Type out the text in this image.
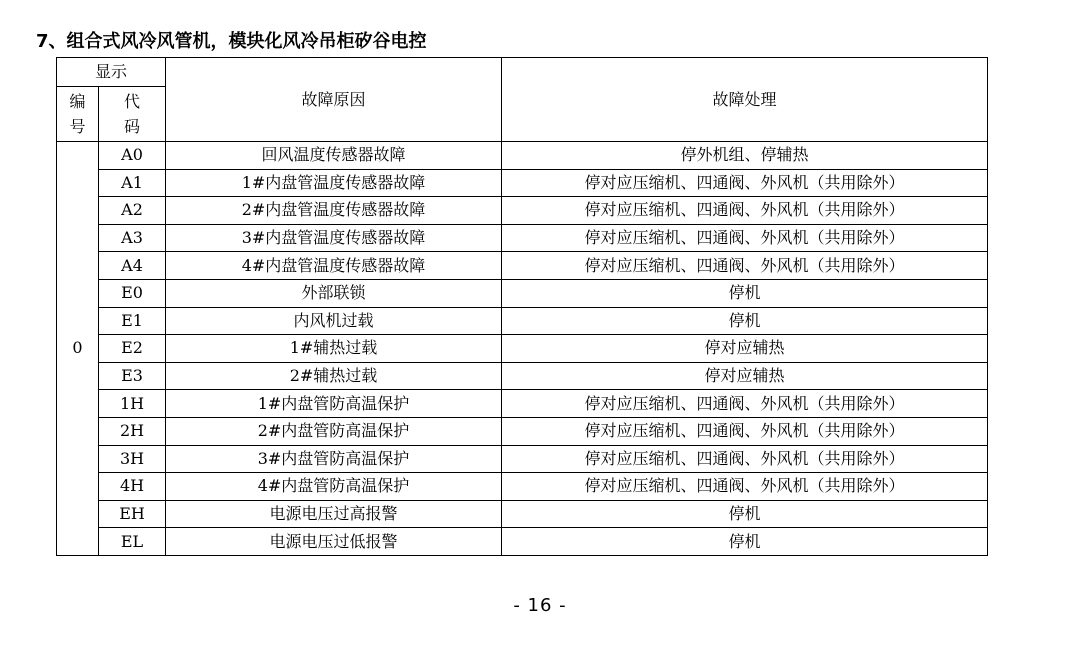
7、组合式风冷风管机，模块化风冷吊柜矽谷电控
显示		故障原因	故障处理

编
号	代
码		

0	A0	回风温度传感器故障	停外机组、停辅热
	A1	1#内盘管温度传感器故障	停对应压缩机、四通阀、外风机（共用除外）
	A2	2#内盘管温度传感器故障	停对应压缩机、四通阀、外风机（共用除外）
	A3	3#内盘管温度传感器故障	停对应压缩机、四通阀、外风机（共用除外）
	A4	4#内盘管温度传感器故障	停对应压缩机、四通阀、外风机（共用除外）
	E0	外部联锁	停机
	E1	内风机过载	停机
	E2	1#辅热过载	停对应辅热
	E3	2#辅热过载	停对应辅热
	1H	1#内盘管防高温保护	停对应压缩机、四通阀、外风机（共用除外）
	2H	2#内盘管防高温保护	停对应压缩机、四通阀、外风机（共用除外）
	3H	3#内盘管防高温保护	停对应压缩机、四通阀、外风机（共用除外）
	4H	4#内盘管防高温保护	停对应压缩机、四通阀、外风机（共用除外）
	EH	电源电压过高报警	停机
	EL	电源电压过低报警	停机
- 16 -
